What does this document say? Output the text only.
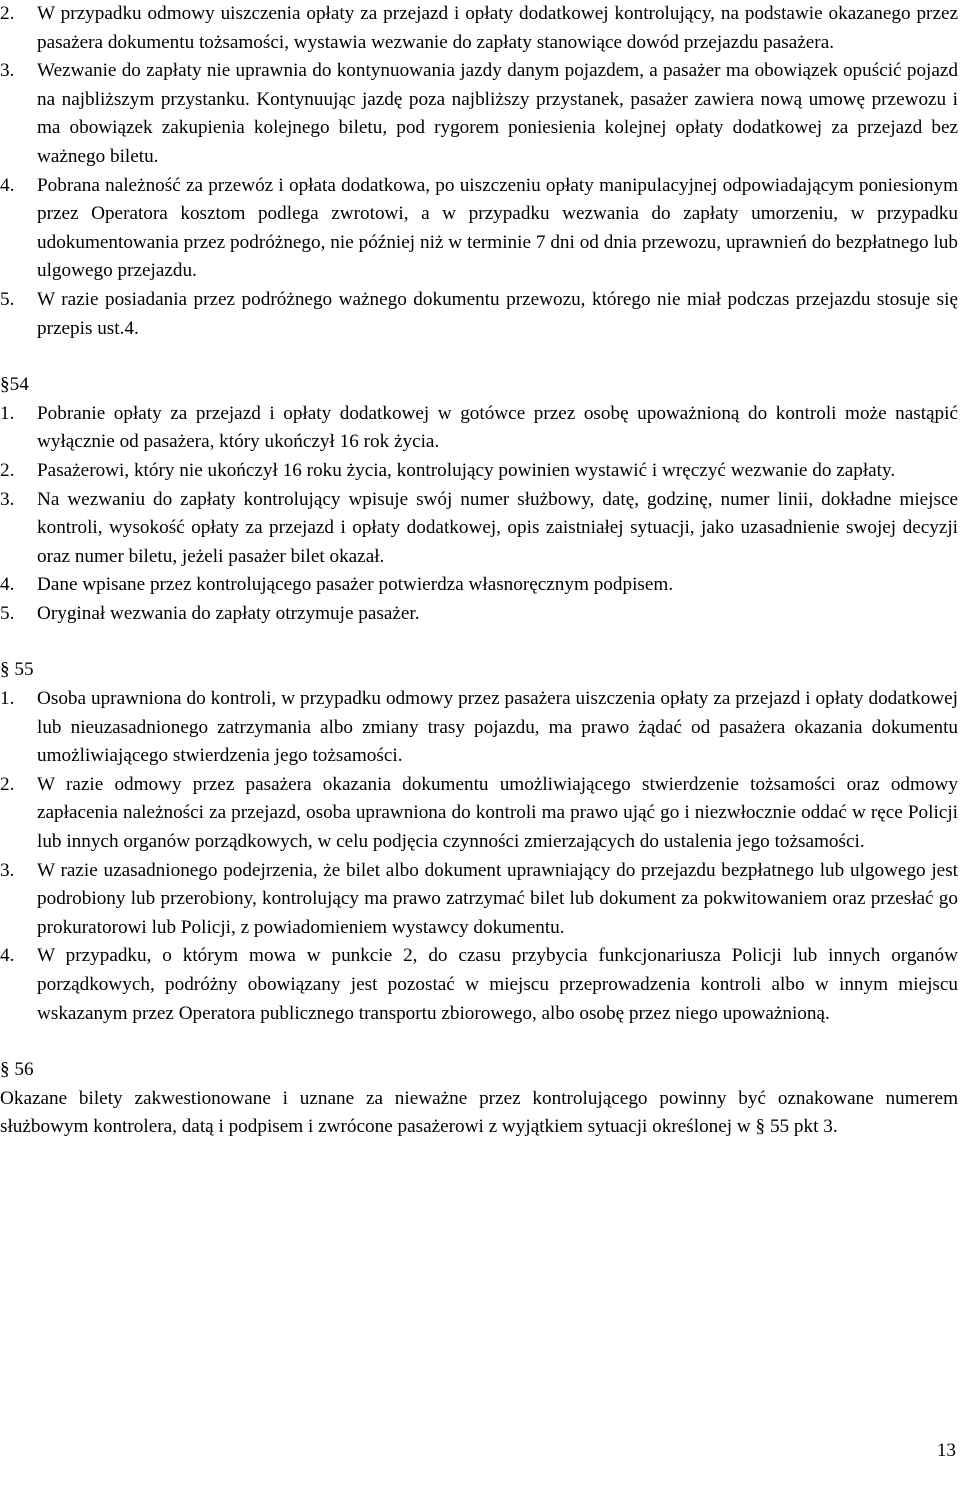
2.	W przypadku odmowy uiszczenia opłaty za przejazd i opłaty dodatkowej kontrolujący, na podstawie okazanego przez pasażera dokumentu tożsamości, wystawia wezwanie do zapłaty stanowiące dowód przejazdu pasażera.
3.	Wezwanie do zapłaty nie uprawnia do kontynuowania jazdy danym pojazdem, a pasażer ma obowiązek opuścić pojazd na najbliższym przystanku. Kontynuując jazdę poza najbliższy przystanek, pasażer zawiera nową umowę przewozu i ma obowiązek zakupienia kolejnego biletu, pod rygorem poniesienia kolejnej opłaty dodatkowej za przejazd bez ważnego biletu.
4.	Pobrana należność za przewóz i opłata dodatkowa, po uiszczeniu opłaty manipulacyjnej odpowiadającym poniesionym przez Operatora kosztom podlega zwrotowi, a w przypadku wezwania do zapłaty umorzeniu, w przypadku udokumentowania przez podróżnego, nie później niż w terminie 7 dni od dnia przewozu, uprawnień do bezpłatnego lub ulgowego przejazdu.
5.	W razie posiadania przez podróżnego ważnego dokumentu przewozu, którego nie miał podczas przejazdu stosuje się przepis ust.4.
§54
1.	Pobranie opłaty za przejazd i opłaty dodatkowej w gotówce przez osobę upoważnioną do kontroli może nastąpić wyłącznie od pasażera, który ukończył 16 rok życia.
2.	Pasażerowi, który nie ukończył 16 roku życia, kontrolujący powinien wystawić i wręczyć wezwanie do zapłaty.
3.	Na wezwaniu do zapłaty kontrolujący wpisuje swój numer służbowy, datę, godzinę, numer linii, dokładne miejsce kontroli, wysokość opłaty za przejazd i opłaty dodatkowej, opis zaistniałej sytuacji, jako uzasadnienie swojej decyzji oraz numer biletu, jeżeli pasażer bilet okazał.
4.	Dane wpisane przez kontrolującego pasażer potwierdza własnoręcznym podpisem.
5.	Oryginał wezwania do zapłaty otrzymuje pasażer.
§ 55
1.	Osoba uprawniona do kontroli, w przypadku odmowy przez pasażera uiszczenia opłaty za przejazd i opłaty dodatkowej lub nieuzasadnionego zatrzymania albo zmiany trasy pojazdu, ma prawo żądać od pasażera okazania dokumentu umożliwiającego stwierdzenia jego tożsamości.
2.	W razie odmowy przez pasażera okazania dokumentu umożliwiającego stwierdzenie tożsamości oraz odmowy zapłacenia należności za przejazd, osoba uprawniona do kontroli ma prawo ująć go i niezwłocznie oddać w ręce Policji lub innych organów porządkowych, w celu podjęcia czynności zmierzających do ustalenia jego tożsamości.
3.	W razie uzasadnionego podejrzenia, że bilet albo dokument uprawniający do przejazdu bezpłatnego lub ulgowego jest podrobiony lub przerobiony, kontrolujący ma prawo zatrzymać bilet lub dokument za pokwitowaniem oraz przesłać go prokuratorowi lub Policji, z powiadomieniem wystawcy dokumentu.
4.	W przypadku, o którym mowa w punkcie 2, do czasu przybycia funkcjonariusza Policji lub innych organów porządkowych, podróżny obowiązany jest pozostać w miejscu przeprowadzenia kontroli albo w innym miejscu wskazanym przez Operatora publicznego transportu zbiorowego, albo osobę przez niego upoważnioną.
§ 56
Okazane bilety zakwestionowane i uznane za nieważne przez kontrolującego powinny być oznakowane numerem służbowym kontrolera, datą i podpisem i zwrócone pasażerowi z wyjątkiem sytuacji określonej w § 55 pkt 3.
13
